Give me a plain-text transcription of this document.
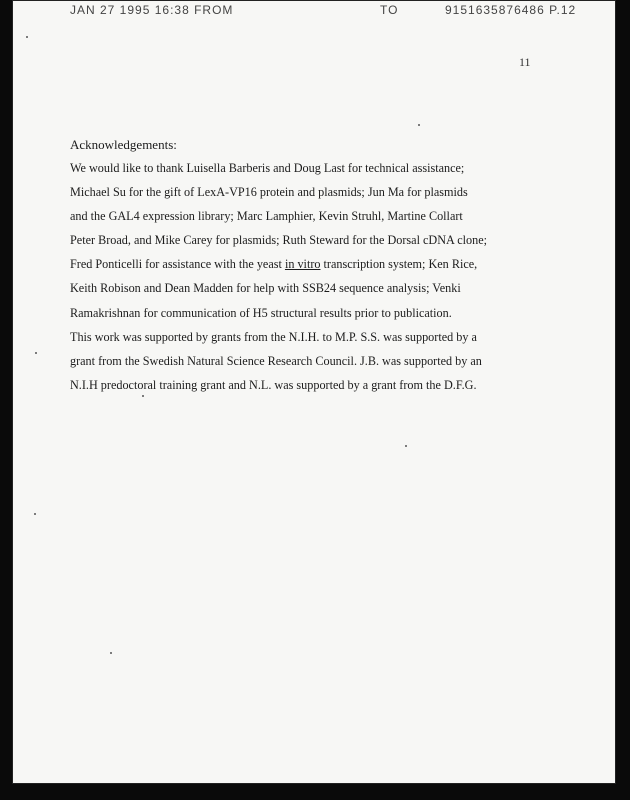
JAN 27 1995 16:38 FROM	TO	9151635876486 P.12
11

Acknowledgements:

We would like to thank Luisella Barberis and Doug Last for technical assistance;

Michael Su for the gift of LexA-VP16 protein and plasmids; Jun Ma for plasmids

and the GAL4 expression library; Marc Lamphier, Kevin Struhl, Martine Collart

Peter Broad, and Mike Carey for plasmids; Ruth Steward for the Dorsal cDNA clone;

Fred Ponticelli for assistance with the yeast in vitro transcription system; Ken Rice,

Keith Robison and Dean Madden for help with SSB24 sequence analysis; Venki

Ramakrishnan for communication of H5 structural results prior to publication.

This work was supported by grants from the N.I.H. to M.P. S.S. was supported by a

grant from the Swedish Natural Science Research Council. J.B. was supported by an

N.I.H predoctoral training grant and N.L. was supported by a grant from the D.F.G.
